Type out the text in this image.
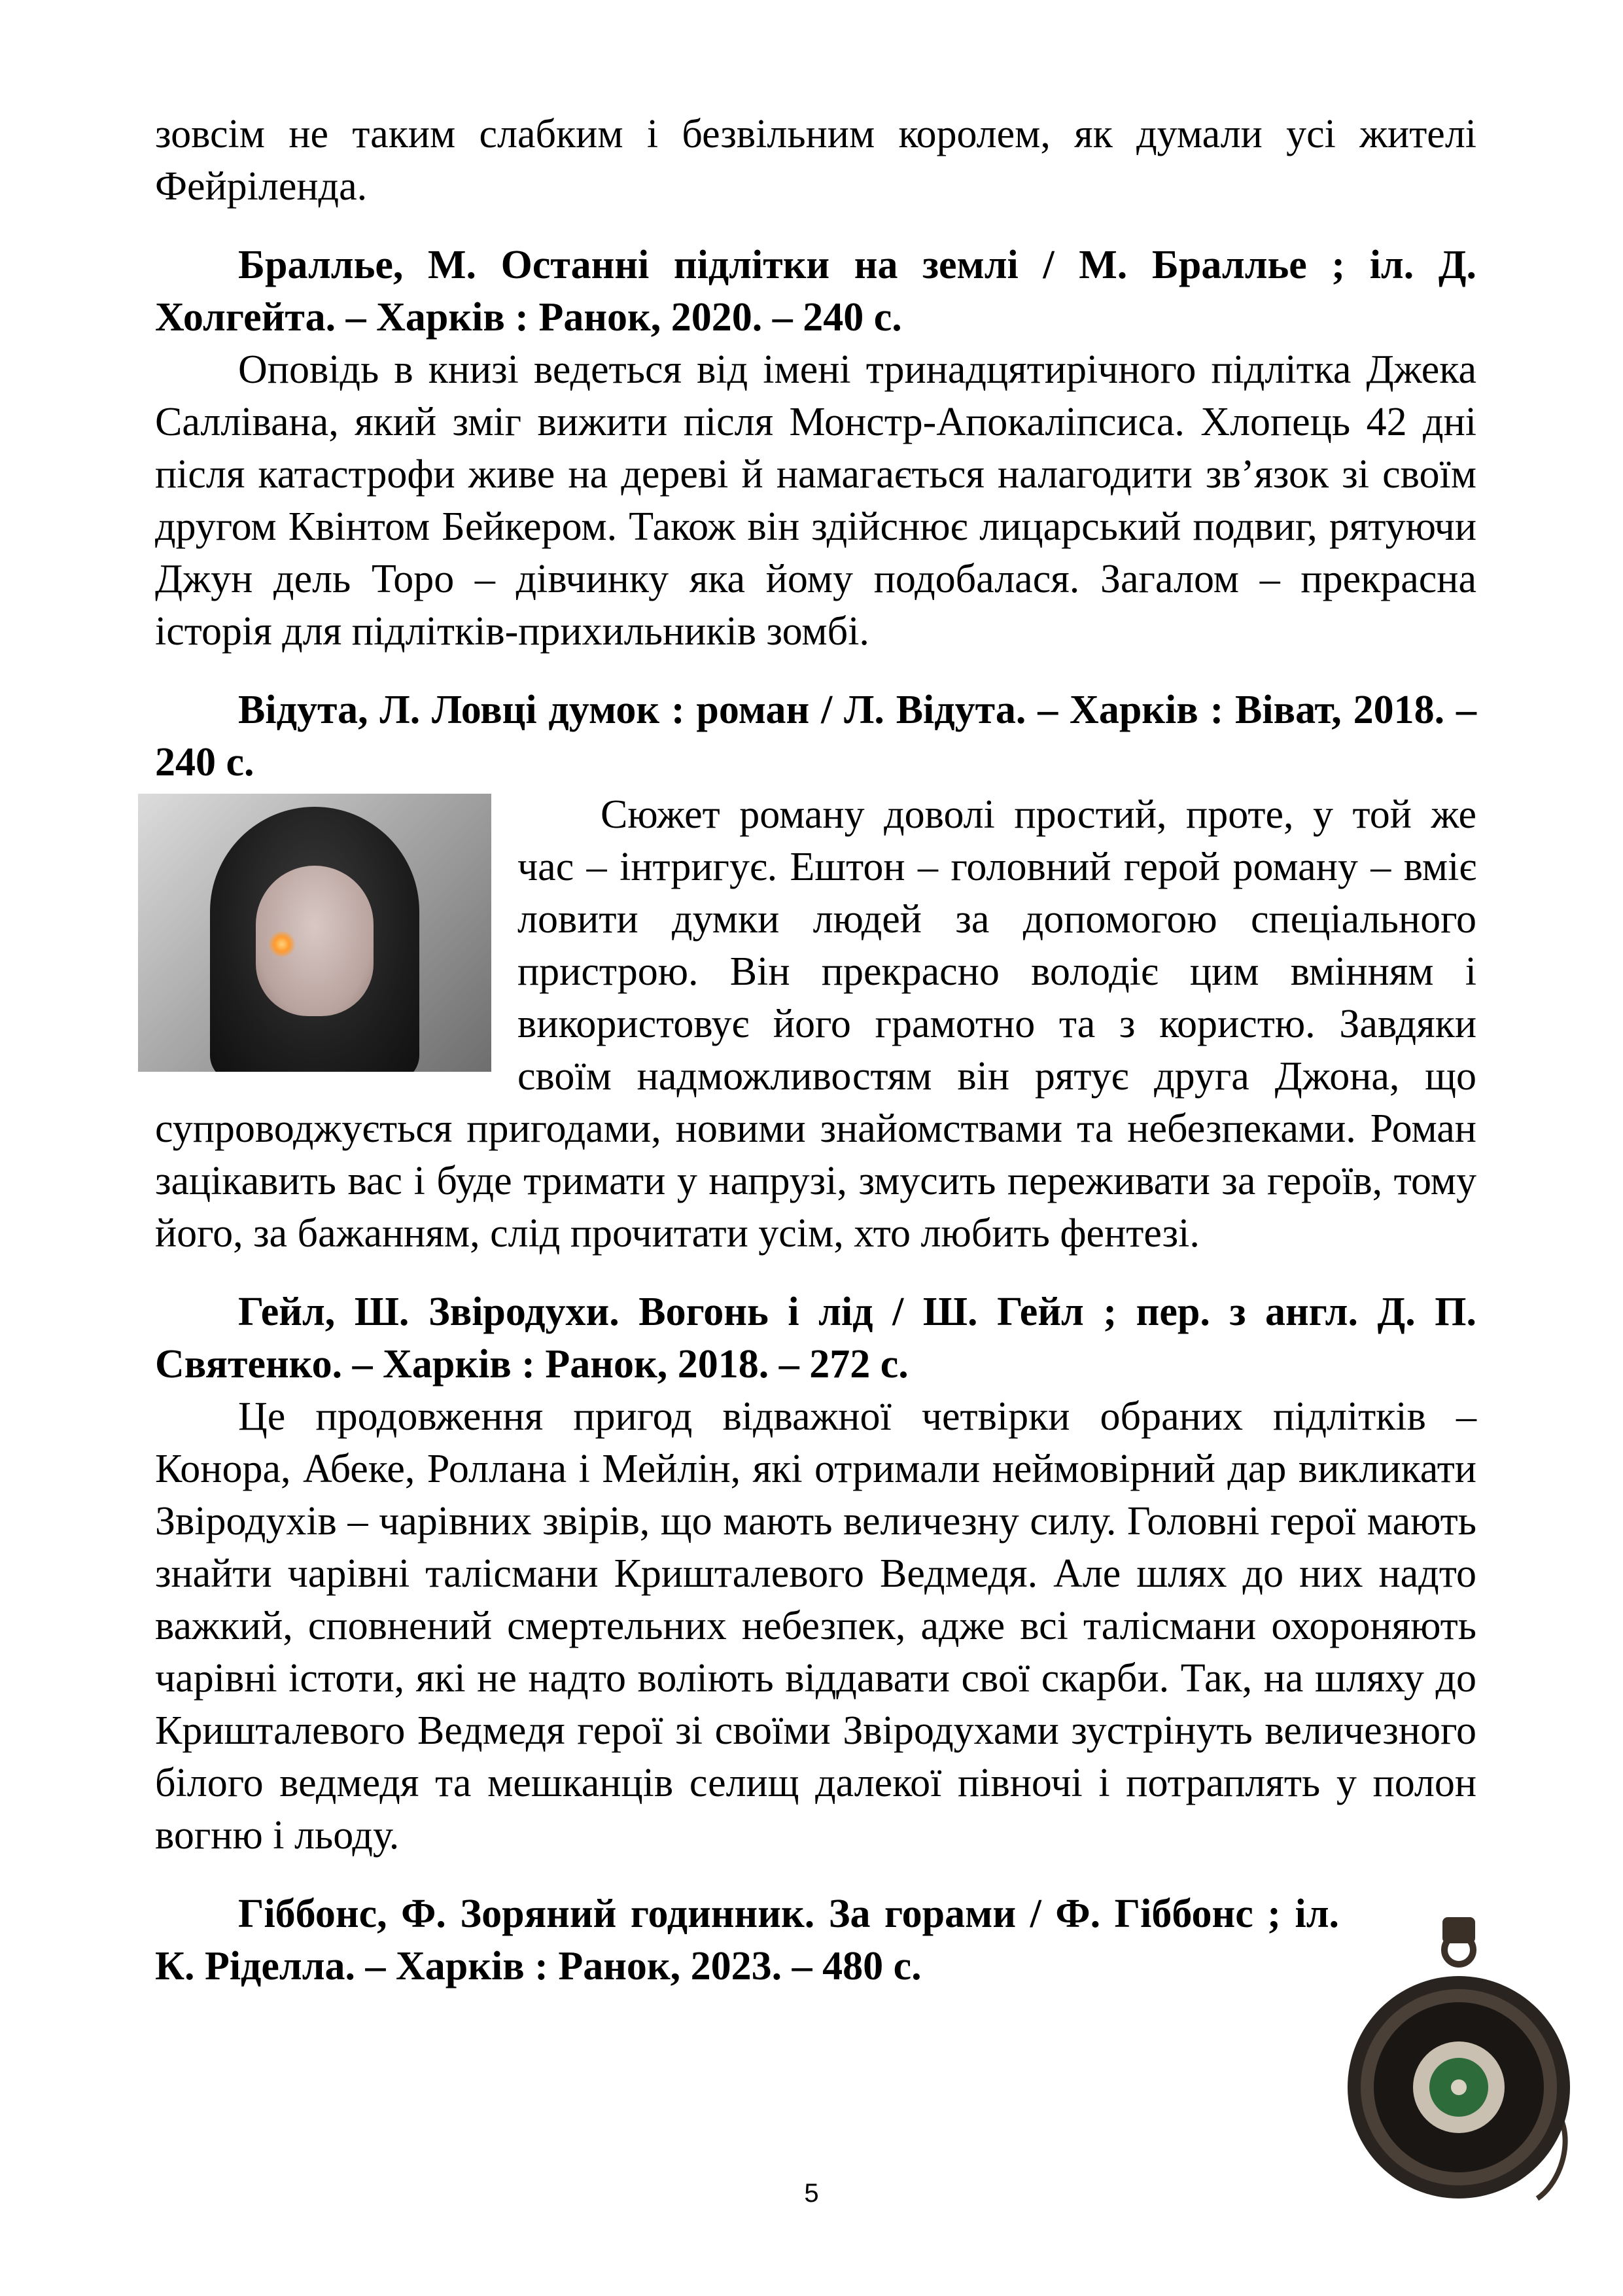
зовсім не таким слабким і безвільним королем, як думали усі жителі Фейріленда.

Браллье, М. Останні підлітки на землі / М. Браллье ; іл. Д. Холгейта. – Харків : Ранок, 2020. – 240 с.

Оповідь в книзі ведеться від імені тринадцятирічного підлітка Джека Саллівана, який зміг вижити після Монстр-Апокаліпсиса. Хлопець 42 дні після катастрофи живе на дереві й намагається налагодити зв’язок зі своїм другом Квінтом Бейкером. Також він здійснює лицарський подвиг, рятуючи Джун дель Торо – дівчинку яка йому подобалася. Загалом – прекрасна історія для підлітків-прихильників зомбі.

Відута, Л. Ловці думок : роман / Л. Відута. – Харків : Віват, 2018. – 240 с.

Сюжет роману доволі простий, проте, у той же час – інтригує. Ештон – головний герой роману – вміє ловити думки людей за допомогою спеціального пристрою. Він прекрасно володіє цим вмінням і використовує його грамотно та з користю. Завдяки своїм надможливостям він рятує друга Джона, що супроводжується пригодами, новими знайомствами та небезпеками. Роман зацікавить вас і буде тримати у напрузі, змусить переживати за героїв, тому його, за бажанням, слід прочитати усім, хто любить фентезі.

Гейл, Ш. Звіродухи. Вогонь і лід / Ш. Гейл ; пер. з англ. Д. П. Святенко. – Харків : Ранок, 2018. – 272 с.

Це продовження пригод відважної четвірки обраних підлітків – Конора, Абеке, Роллана і Мейлін, які отримали неймовірний дар викликати Звіродухів – чарівних звірів, що мають величезну силу. Головні герої мають знайти чарівні талісмани Кришталевого Ведмедя. Але шлях до них надто важкий, сповнений смертельних небезпек, адже всі талісмани охороняють чарівні істоти, які не надто воліють віддавати свої скарби. Так, на шляху до Кришталевого Ведмедя герої зі своїми Звіродухами зустрінуть величезного білого ведмедя та мешканців селищ далекої півночі і потраплять у полон вогню і льоду.

Гіббонс, Ф. Зоряний годинник. За горами / Ф. Гіббонс ; іл. К. Ріделла. – Харків : Ранок, 2023. – 480 с.

5
